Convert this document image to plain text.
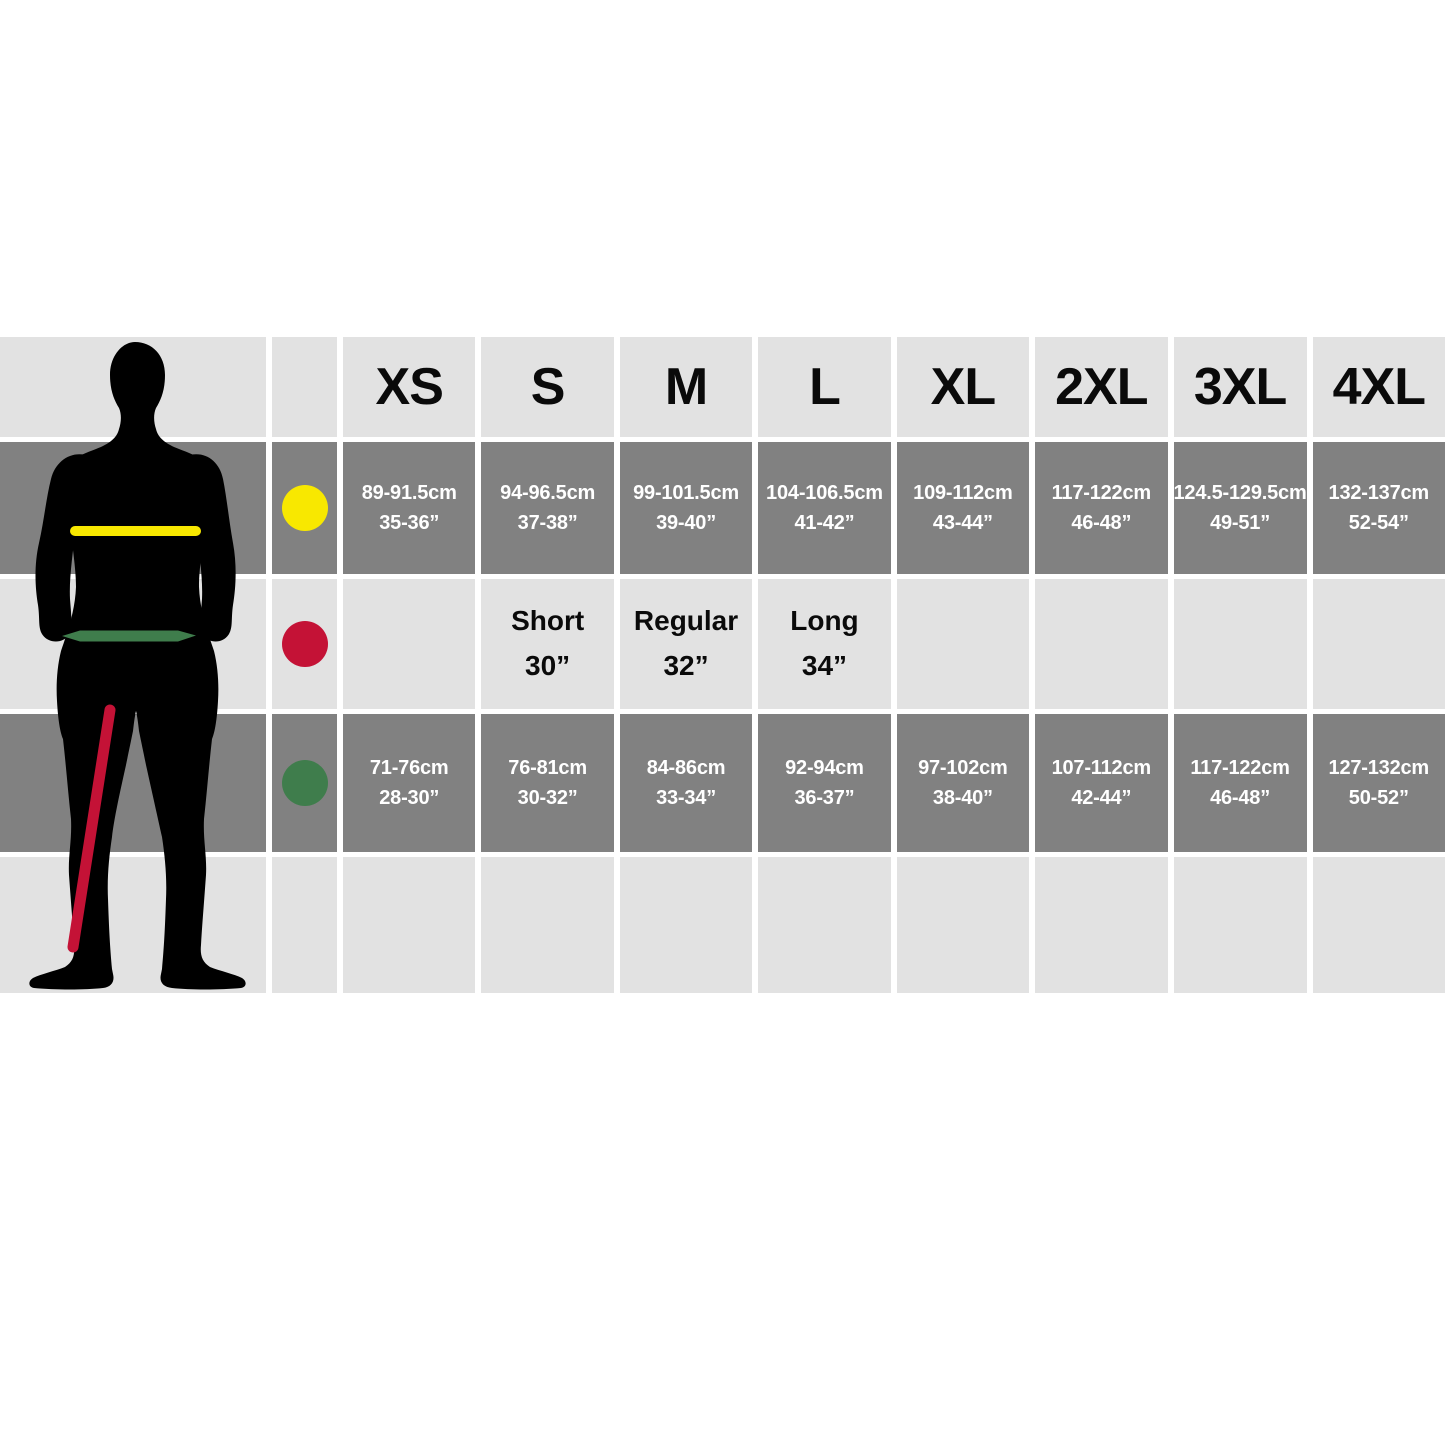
XS S M L XL 2XL 3XL 4XL
89-91.5cm
35-36”
94-96.5cm
37-38”
99-101.5cm
39-40”
104-106.5cm
41-42”
109-112cm
43-44”
117-122cm
46-48”
124.5-129.5cm
49-51”
132-137cm
52-54”
Short
30”
Regular
32”
Long
34”
71-76cm
28-30”
76-81cm
30-32”
84-86cm
33-34”
92-94cm
36-37”
97-102cm
38-40”
107-112cm
42-44”
117-122cm
46-48”
127-132cm
50-52”
